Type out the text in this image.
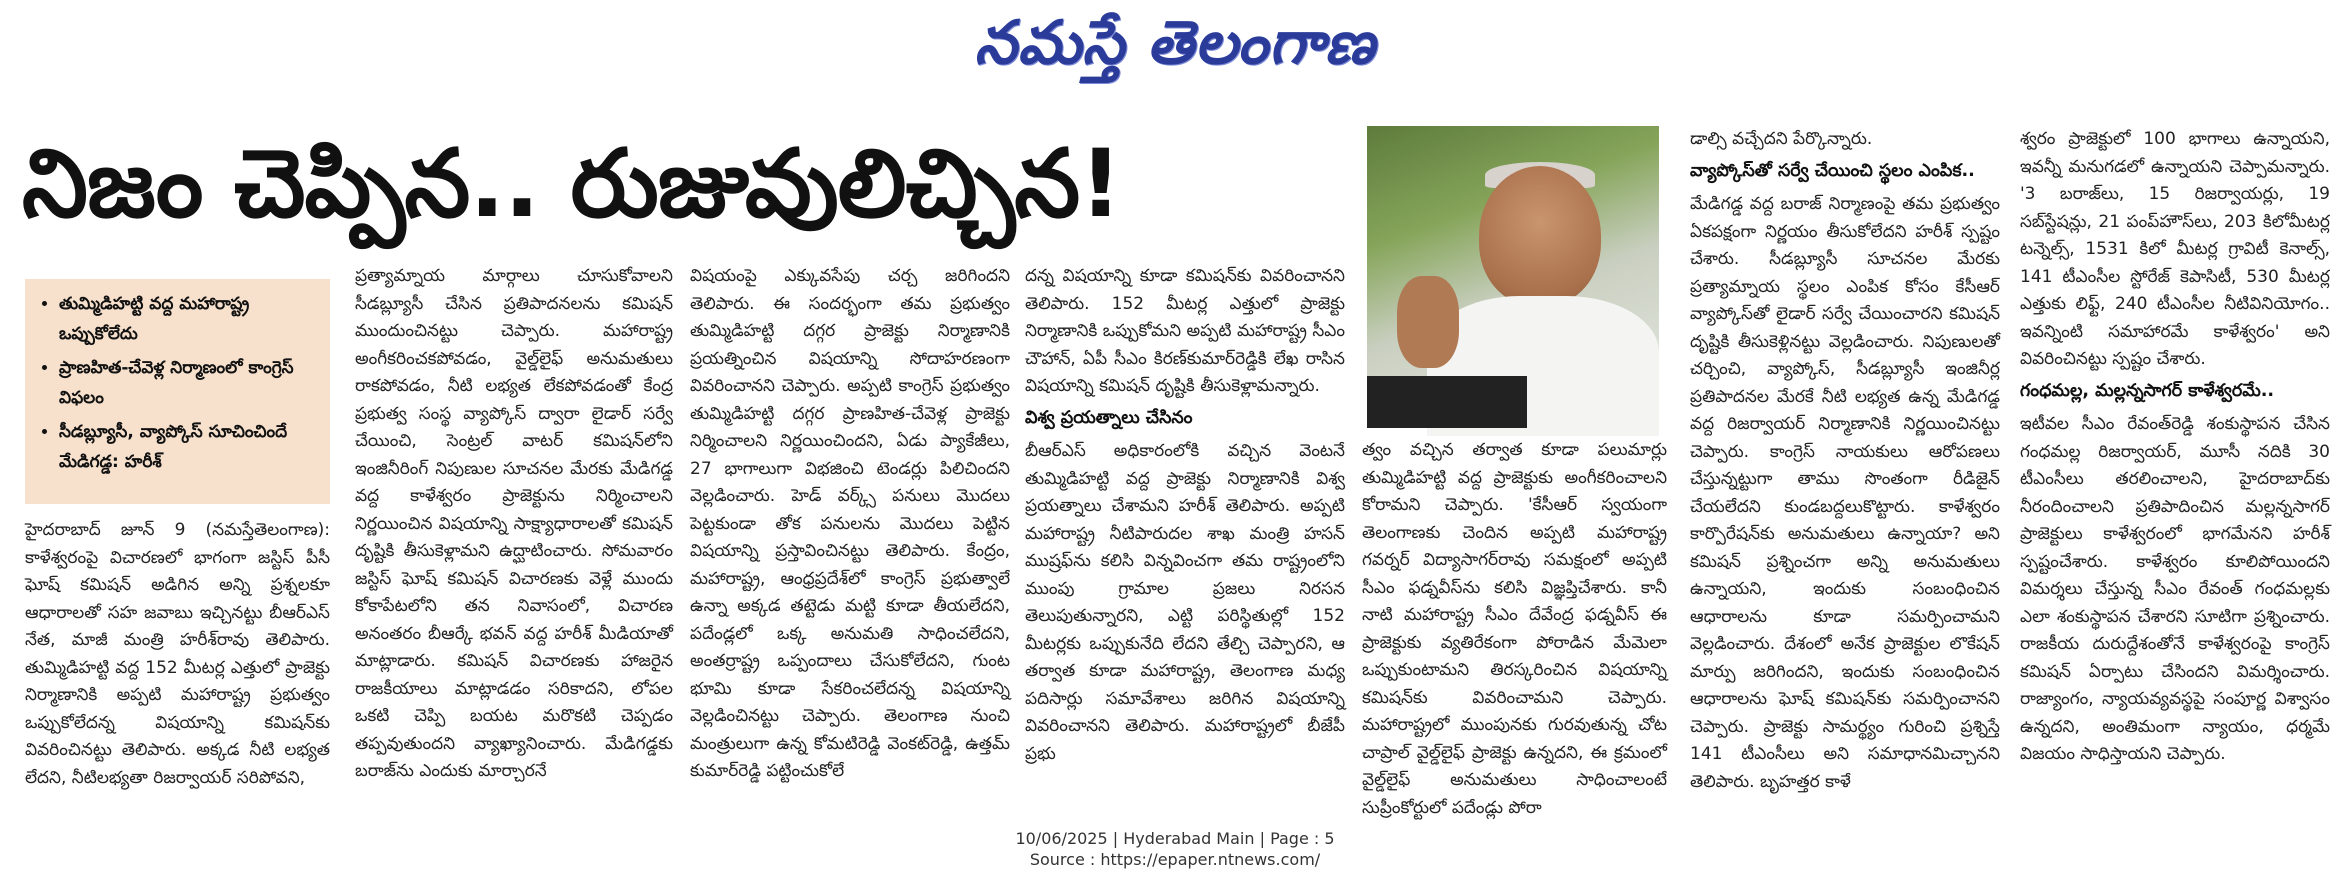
నమస్తే తెలంగాణ
నిజం చెప్పిన.. రుజువులిచ్చిన!
• తుమ్మిడిహట్టి వద్ద మహారాష్ట్ర ఒప్పుకోలేదు
• ప్రాణహిత-చేవెళ్ల నిర్మాణంలో కాంగ్రెస్‌ విఫలం
• సీడబ్ల్యూసీ, వ్యాప్కోస్‌ సూచించిందే మేడిగడ్డ: హరీశ్‌

హైదరాబాద్‌ జూన్‌ 9 (నమస్తేతెలంగాణ): కాళేశ్వరంపై విచారణలో భాగంగా జస్టిస్‌ పీసీ ఘోష్‌ కమిషన్‌ అడిగిన అన్ని ప్రశ్నలకూ ఆధారాలతో సహ జవాబు ఇచ్చినట్టు బీఆర్‌ఎస్‌ నేత, మాజీ మంత్రి హరీశ్‌రావు తెలిపారు. తుమ్మిడిహట్టి వద్ద 152 మీటర్ల ఎత్తులో ప్రాజెక్టు నిర్మాణానికి అప్పటి మహారాష్ట్ర ప్రభుత్వం ఒప్పుకోలేదన్న విషయాన్ని కమిషన్‌కు వివరించినట్టు తెలిపారు. అక్కడ నీటి లభ్యత లేదని, నీటిలభ్యతా రిజర్వాయర్‌ సరిపోవని,

ప్రత్యామ్నాయ మార్గాలు చూసుకోవాలని సీడబ్ల్యూసీ చేసిన ప్రతిపాదనలను కమిషన్‌ ముందుంచినట్టు చెప్పారు. మహారాష్ట్ర అంగీకరించకపోవడం, వైల్డ్‌లైఫ్‌ అనుమతులు రాకపోవడం, నీటి లభ్యత లేకపోవడంతో కేంద్ర ప్రభుత్వ సంస్థ వ్యాప్కోస్‌ ద్వారా లైడార్‌ సర్వే చేయించి, సెంట్రల్‌ వాటర్‌ కమిషన్‌లోని ఇంజినీరింగ్‌ నిపుణుల సూచనల మేరకు మేడిగడ్డ వద్ద కాళేశ్వరం ప్రాజెక్టును నిర్మించాలని నిర్ణయించిన విషయాన్ని సాక్ష్యాధారాలతో కమిషన్‌ దృష్టికి తీసుకెళ్లామని ఉద్ఘాటించారు. సోమవారం జస్టిస్‌ ఘోష్‌ కమిషన్‌ విచారణకు వెళ్లే ముందు కోకాపేటలోని తన నివాసంలో, విచారణ అనంతరం బీఆర్కే భవన్‌ వద్ద హరీశ్‌ మీడియాతో మాట్లాడారు. కమిషన్‌ విచారణకు హాజరైన రాజకీయాలు మాట్లాడడం సరికాదని, లోపల ఒకటి చెప్పి బయట మరొకటి చెప్పడం తప్పవుతుందని వ్యాఖ్యానించారు. మేడిగడ్డకు బరాజ్‌ను ఎందుకు మార్చారనే

విషయంపై ఎక్కువసేపు చర్చ జరిగిందని తెలిపారు. ఈ సందర్భంగా తమ ప్రభుత్వం తుమ్మిడిహట్టి దగ్గర ప్రాజెక్టు నిర్మాణానికి ప్రయత్నించిన విషయాన్ని సోదాహరణంగా వివరించానని చెప్పారు. అప్పటి కాంగ్రెస్‌ ప్రభుత్వం తుమ్మిడిహట్టి దగ్గర ప్రాణహిత-చేవెళ్ల ప్రాజెక్టు నిర్మించాలని నిర్ణయించిందని, ఏడు ప్యాకేజీలు, 27 భాగాలుగా విభజించి టెండర్లు పిలిచిందని వెల్లడించారు. హెడ్‌ వర్క్స్‌ పనులు మొదలు పెట్టకుండా తోక పనులను మొదలు పెట్టిన విషయాన్ని ప్రస్తావించినట్టు తెలిపారు. కేంద్రం, మహారాష్ట్ర, ఆంధ్రప్రదేశ్‌లో కాంగ్రెస్‌ ప్రభుత్వాలే ఉన్నా అక్కడ తట్టెడు మట్టి కూడా తీయలేదని, పదేండ్లలో ఒక్క అనుమతి సాధించలేదని, అంతర్రాష్ట్ర ఒప్పందాలు చేసుకోలేదని, గుంట భూమి కూడా సేకరించలేదన్న విషయాన్ని వెల్లడించినట్టు చెప్పారు. తెలంగాణ నుంచి మంత్రులుగా ఉన్న కోమటిరెడ్డి వెంకట్‌రెడ్డి, ఉత్తమ్‌ కుమార్‌రెడ్డి పట్టించుకోలే

దన్న విషయాన్ని కూడా కమిషన్‌కు వివరించానని తెలిపారు. 152 మీటర్ల ఎత్తులో ప్రాజెక్టు నిర్మాణానికి ఒప్పుకోమని అప్పటి మహారాష్ట్ర సీఎం చౌహాన్‌, ఏపీ సీఎం కిరణ్‌కుమార్‌రెడ్డికి లేఖ రాసిన విషయాన్ని కమిషన్‌ దృష్టికి తీసుకెళ్లామన్నారు.

విశ్వ ప్రయత్నాలు చేసినం

బీఆర్‌ఎస్‌ అధికారంలోకి వచ్చిన వెంటనే తుమ్మిడిహట్టి వద్ద ప్రాజెక్టు నిర్మాణానికి విశ్వ ప్రయత్నాలు చేశామని హరీశ్‌ తెలిపారు. అప్పటి మహారాష్ట్ర నీటిపారుదల శాఖ మంత్రి హసన్‌ ముష్రఫ్‌ను కలిసి విన్నవించగా తమ రాష్ట్రంలోని ముంపు గ్రామాల ప్రజలు నిరసన తెలుపుతున్నారని, ఎట్టి పరిస్థితుల్లో 152 మీటర్లకు ఒప్పుకునేది లేదని తేల్చి చెప్పారని, ఆ తర్వాత కూడా మహారాష్ట్ర, తెలంగాణ మధ్య పదిసార్లు సమావేశాలు జరిగిన విషయాన్ని వివరించానని తెలిపారు. మహారాష్ట్రలో బీజేపీ ప్రభు

త్వం వచ్చిన తర్వాత కూడా పలుమార్లు తుమ్మిడిహట్టి వద్ద ప్రాజెక్టుకు అంగీకరించాలని కోరామని చెప్పారు. 'కేసీఆర్‌ స్వయంగా తెలంగాణకు చెందిన అప్పటి మహారాష్ట్ర గవర్నర్‌ విద్యాసాగర్‌రావు సమక్షంలో అప్పటి సీఎం ఫడ్నవీస్‌ను కలిసి విజ్ఞప్తిచేశారు. కానీ నాటి మహారాష్ట్ర సీఎం దేవేంద్ర ఫడ్నవీస్‌ ఈ ప్రాజెక్టుకు వ్యతిరేకంగా పోరాడిన మేమెలా ఒప్పుకుంటామని తిరస్కరించిన విషయాన్ని కమిషన్‌కు వివరించామని చెప్పారు. మహారాష్ట్రలో ముంపునకు గురవుతున్న చోట చాప్రాల్‌ వైల్డ్‌లైఫ్‌ ప్రాజెక్టు ఉన్నదని, ఈ క్రమంలో వైల్డ్‌లైఫ్‌ అనుమతులు సాధించాలంటే సుప్రీంకోర్టులో పదేండ్లు పోరా

డాల్సి వచ్చేదని పేర్కొన్నారు.

వ్యాప్కోస్‌తో సర్వే చేయించి స్థలం ఎంపిక..

మేడిగడ్డ వద్ద బరాజ్‌ నిర్మాణంపై తమ ప్రభుత్వం ఏకపక్షంగా నిర్ణయం తీసుకోలేదని హరీశ్‌ స్పష్టం చేశారు. సీడబ్ల్యూసీ సూచనల మేరకు ప్రత్యామ్నాయ స్థలం ఎంపిక కోసం కేసీఆర్‌ వ్యాప్కోస్‌తో లైడార్‌ సర్వే చేయించారని కమిషన్‌ దృష్టికి తీసుకెళ్లినట్టు వెల్లడించారు. నిపుణులతో చర్చించి, వ్యాప్కోస్‌, సీడబ్ల్యూసీ ఇంజినీర్ల ప్రతిపాదనల మేరకే నీటి లభ్యత ఉన్న మేడిగడ్డ వద్ద రిజర్వాయర్‌ నిర్మాణానికి నిర్ణయించినట్టు చెప్పారు. కాంగ్రెస్‌ నాయకులు ఆరోపణలు చేస్తున్నట్టుగా తాము సొంతంగా రీడిజైన్‌ చేయలేదని కుండబద్దలుకొట్టారు. కాళేశ్వరం కార్పొరేషన్‌కు అనుమతులు ఉన్నాయా? అని కమిషన్‌ ప్రశ్నించగా అన్ని అనుమతులు ఉన్నాయని, ఇందుకు సంబంధించిన ఆధారాలను కూడా సమర్పించామని వెల్లడించారు. దేశంలో అనేక ప్రాజెక్టుల లొకేషన్‌ మార్పు జరిగిందని, ఇందుకు సంబంధించిన ఆధారాలను ఘోష్‌ కమిషన్‌కు సమర్పించానని చెప్పారు. ప్రాజెక్టు సామర్థ్యం గురించి ప్రశ్నిస్తే 141 టీఎంసీలు అని సమాధానమిచ్చానని తెలిపారు. బృహత్తర కాళే

శ్వరం ప్రాజెక్టులో 100 భాగాలు ఉన్నాయని, ఇవన్నీ మనుగడలో ఉన్నాయని చెప్పామన్నారు. '3 బరాజ్‌లు, 15 రిజర్వాయర్లు, 19 సబ్‌స్టేషన్లు, 21 పంప్‌హౌస్‌లు, 203 కిలోమీటర్ల టన్నెల్స్‌, 1531 కిలో మీటర్ల గ్రావిటీ కెనాల్స్‌, 141 టీఎంసీల స్టోరేజ్‌ కెపాసిటీ, 530 మీటర్ల ఎత్తుకు లిఫ్ట్‌, 240 టీఎంసీల నీటివినియోగం.. ఇవన్నింటి సమాహారమే కాళేశ్వరం' అని వివరించినట్టు స్పష్టం చేశారు.

గంధమల్ల, మల్లన్నసాగర్‌ కాళేశ్వరమే..

ఇటీవల సీఎం రేవంత్‌రెడ్డి శంకుస్థాపన చేసిన గంధమల్ల రిజర్వాయర్‌, మూసీ నదికి 30 టీఎంసీలు తరలించాలని, హైదరాబాద్‌కు నీరందించాలని ప్రతిపాదించిన మల్లన్నసాగర్‌ ప్రాజెక్టులు కాళేశ్వరంలో భాగమేనని హరీశ్‌ స్పష్టంచేశారు. కాళేశ్వరం కూలిపోయిందని విమర్శలు చేస్తున్న సీఎం రేవంత్‌ గంధమల్లకు ఎలా శంకుస్థాపన చేశారని సూటిగా ప్రశ్నించారు. రాజకీయ దురుద్దేశంతోనే కాళేశ్వరంపై కాంగ్రెస్‌ కమిషన్‌ ఏర్పాటు చేసిందని విమర్శించారు. రాజ్యాంగం, న్యాయవ్యవస్థపై సంపూర్ణ విశ్వాసం ఉన్నదని, అంతిమంగా న్యాయం, ధర్మమే విజయం సాధిస్తాయని చెప్పారు.

10/06/2025 | Hyderabad Main | Page : 5
Source : https://epaper.ntnews.com/
